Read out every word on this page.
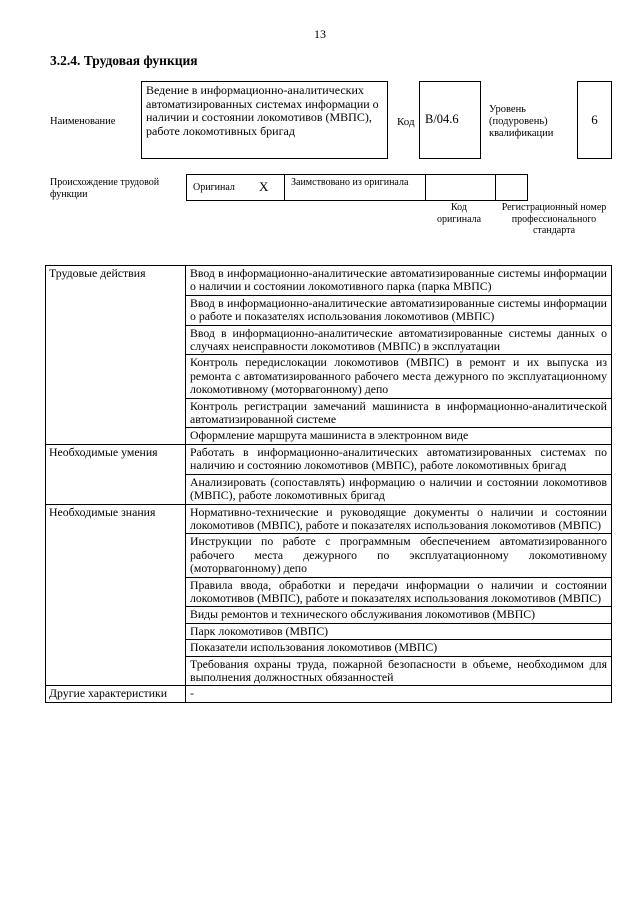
13
3.2.4. Трудовая функция
Наименование
Ведение в информационно-аналитических автоматизированных системах информации о наличии и состоянии локомотивов (МВПС), работе локомотивных бригад
Код B/04.6
Уровень (подуровень) квалификации
6
Происхождение трудовой функции
Оригинал X Заимствовано из оригинала
Код оригинала
Регистрационный номер профессионального стандарта
Трудовые действия	Ввод в информационно-аналитические автоматизированные системы информации о наличии и состоянии локомотивного парка (парка МВПС)
	Ввод в информационно-аналитические автоматизированные системы информации о работе и показателях использования локомотивов (МВПС)
	Ввод в информационно-аналитические автоматизированные системы данных о случаях неисправности локомотивов (МВПС) в эксплуатации
	Контроль передислокации локомотивов (МВПС) в ремонт и их выпуска из ремонта с автоматизированного рабочего места дежурного по эксплуатационному локомотивному (моторвагонному) депо
	Контроль регистрации замечаний машиниста в информационно-аналитической автоматизированной системе
	Оформление маршрута машиниста в электронном виде
Необходимые умения	Работать в информационно-аналитических автоматизированных системах по наличию и состоянию локомотивов (МВПС), работе локомотивных бригад
	Анализировать (сопоставлять) информацию о наличии и состоянии локомотивов (МВПС), работе локомотивных бригад
Необходимые знания	Нормативно-технические и руководящие документы о наличии и состоянии локомотивов (МВПС), работе и показателях использования локомотивов (МВПС)
	Инструкции по работе с программным обеспечением автоматизированного рабочего места дежурного по эксплуатационному локомотивному (моторвагонному) депо
	Правила ввода, обработки и передачи информации о наличии и состоянии локомотивов (МВПС), работе и показателях использования локомотивов (МВПС)
	Виды ремонтов и технического обслуживания локомотивов (МВПС)
	Парк локомотивов (МВПС)
	Показатели использования локомотивов (МВПС)
	Требования охраны труда, пожарной безопасности в объеме, необходимом для выполнения должностных обязанностей
Другие характеристики	-
